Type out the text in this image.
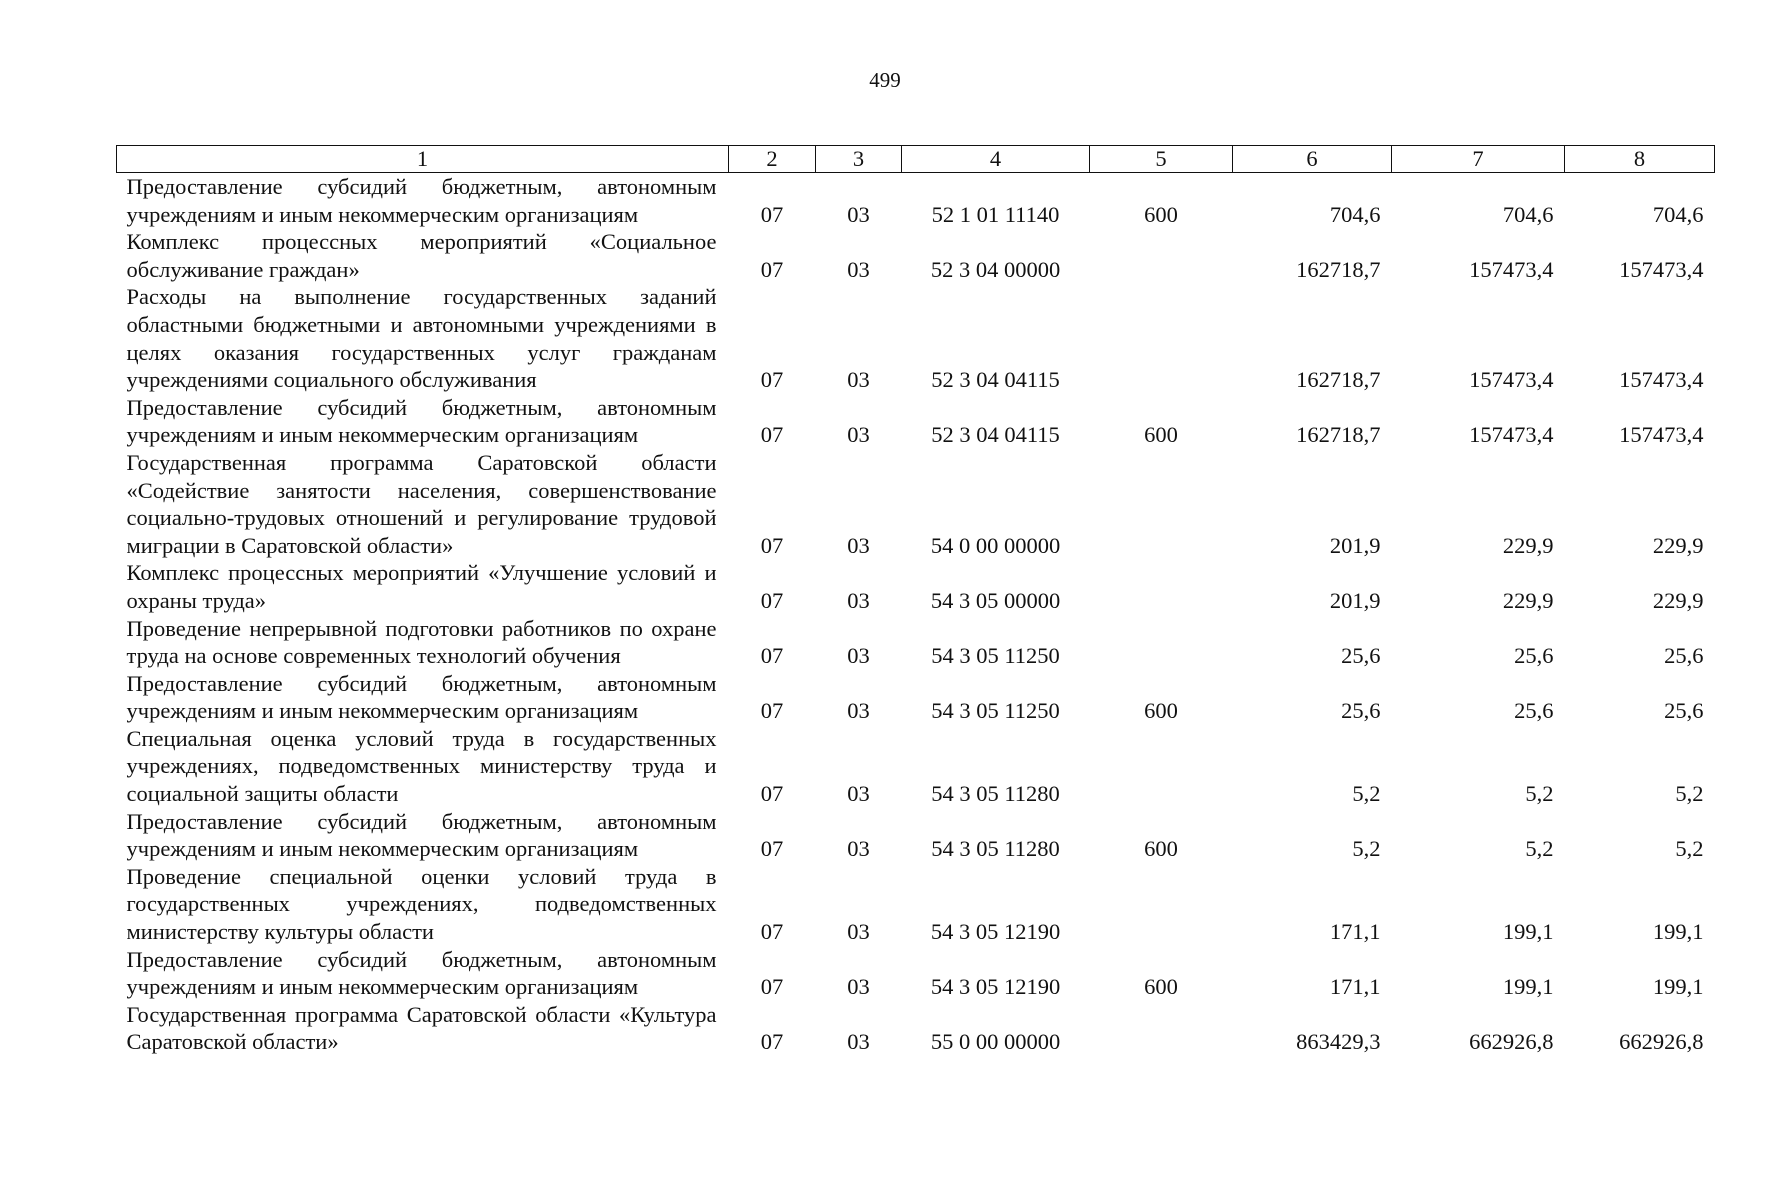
499
1	2	3	4	5	6	7	8
Предоставление субсидий бюджетным, автономным учреждениям и иным некоммерческим организациям	07	03	52 1 01 11140	600	704,6	704,6	704,6
Комплекс процессных мероприятий «Социальное обслуживание граждан»	07	03	52 3 04 00000		162718,7	157473,4	157473,4
Расходы на выполнение государственных заданий областными бюджетными и автономными учреждениями в целях оказания государственных услуг гражданам учреждениями социального обслуживания	07	03	52 3 04 04115		162718,7	157473,4	157473,4
Предоставление субсидий бюджетным, автономным учреждениям и иным некоммерческим организациям	07	03	52 3 04 04115	600	162718,7	157473,4	157473,4
Государственная программа Саратовской области «Содействие занятости населения, совершенствование социально-трудовых отношений и регулирование трудовой миграции в Саратовской области»	07	03	54 0 00 00000		201,9	229,9	229,9
Комплекс процессных мероприятий «Улучшение условий и охраны труда»	07	03	54 3 05 00000		201,9	229,9	229,9
Проведение непрерывной подготовки работников по охране труда на основе современных технологий обучения	07	03	54 3 05 11250		25,6	25,6	25,6
Предоставление субсидий бюджетным, автономным учреждениям и иным некоммерческим организациям	07	03	54 3 05 11250	600	25,6	25,6	25,6
Специальная оценка условий труда в государственных учреждениях, подведомственных министерству труда и социальной защиты области	07	03	54 3 05 11280		5,2	5,2	5,2
Предоставление субсидий бюджетным, автономным учреждениям и иным некоммерческим организациям	07	03	54 3 05 11280	600	5,2	5,2	5,2
Проведение специальной оценки условий труда в государственных учреждениях, подведомственных министерству культуры области	07	03	54 3 05 12190		171,1	199,1	199,1
Предоставление субсидий бюджетным, автономным учреждениям и иным некоммерческим организациям	07	03	54 3 05 12190	600	171,1	199,1	199,1
Государственная программа Саратовской области «Культура Саратовской области»	07	03	55 0 00 00000		863429,3	662926,8	662926,8
